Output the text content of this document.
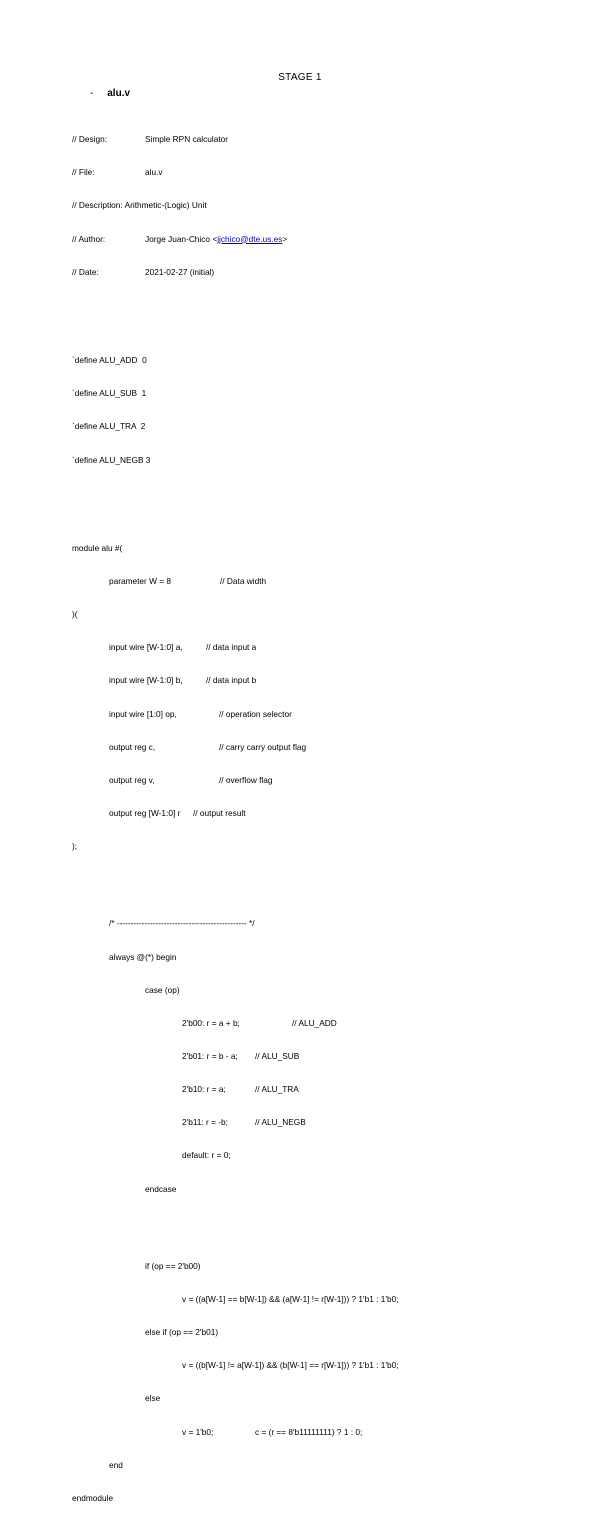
STAGE 1
- alu.v

// Design:	Simple RPN calculator

// File:	alu.v

// Description: Arithmetic-(Logic) Unit

// Author:	Jorge Juan-Chico <jjchico@dte.us.es>

// Date:	2021-02-27 (initial)

`define ALU_ADD  0

`define ALU_SUB  1

`define ALU_TRA  2

`define ALU_NEGB 3

module alu #(

parameter W = 8	// Data width

)(

input wire [W-1:0] a,	// data input a

input wire [W-1:0] b,	// data input b

input wire [1:0] op,	// operation selector

output reg c,	// carry carry output flag

output reg v,	// overflow flag

output reg [W-1:0] r // output result

);

/* ----------------------------------------------- */

always @(*) begin

case (op)

2'b00: r = a + b;	// ALU_ADD

2'b01: r = b - a; // ALU_SUB

2'b10: r = a;	// ALU_TRA

2'b11: r = -b;	// ALU_NEGB

default: r = 0;

endcase

if (op == 2'b00)

v = ((a[W-1] == b[W-1]) && (a[W-1] != r[W-1])) ? 1'b1 : 1'b0;

else if (op == 2'b01)

v = ((b[W-1] != a[W-1]) && (b[W-1] == r[W-1])) ? 1'b1 : 1'b0;

else

v = 1'b0;	c = (r == 8'b11111111) ? 1 : 0;

end

endmodule
